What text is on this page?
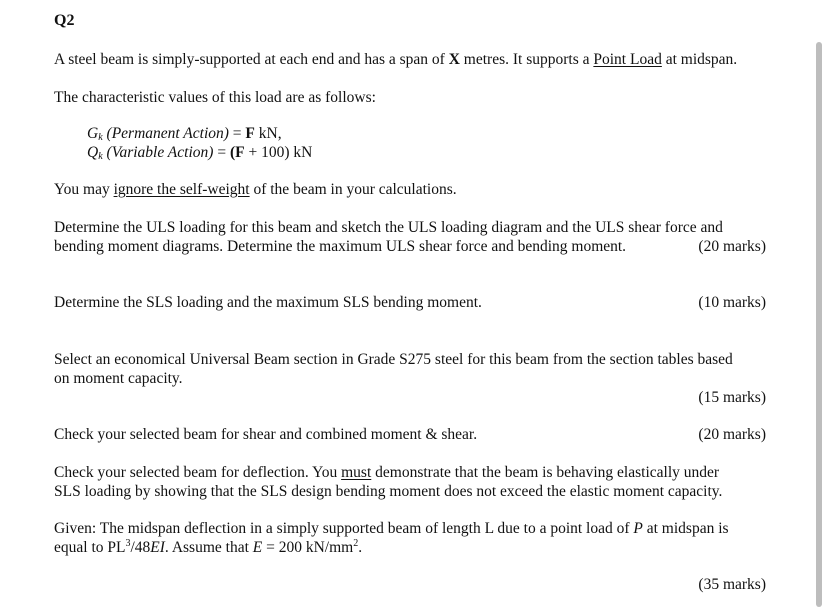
Q2
A steel beam is simply-supported at each end and has a span of X metres. It supports a Point Load at midspan.
The characteristic values of this load are as follows:
$G_k$ (Permanent Action) = F kN,
$Q_k$ (Variable Action) = (F + 100) kN
You may ignore the self-weight of the beam in your calculations.
Determine the ULS loading for this beam and sketch the ULS loading diagram and the ULS shear force and
bending moment diagrams. Determine the maximum ULS shear force and bending moment.	(20 marks)
Determine the SLS loading and the maximum SLS bending moment.	(10 marks)
Select an economical Universal Beam section in Grade S275 steel for this beam from the section tables based
on moment capacity.
(15 marks)
Check your selected beam for shear and combined moment & shear.	(20 marks)
Check your selected beam for deflection. You must demonstrate that the beam is behaving elastically under
SLS loading by showing that the SLS design bending moment does not exceed the elastic moment capacity.
Given: The midspan deflection in a simply supported beam of length L due to a point load of P at midspan is
equal to $PL^3/48EI$. Assume that E = 200 $kN/mm^2$.
(35 marks)
